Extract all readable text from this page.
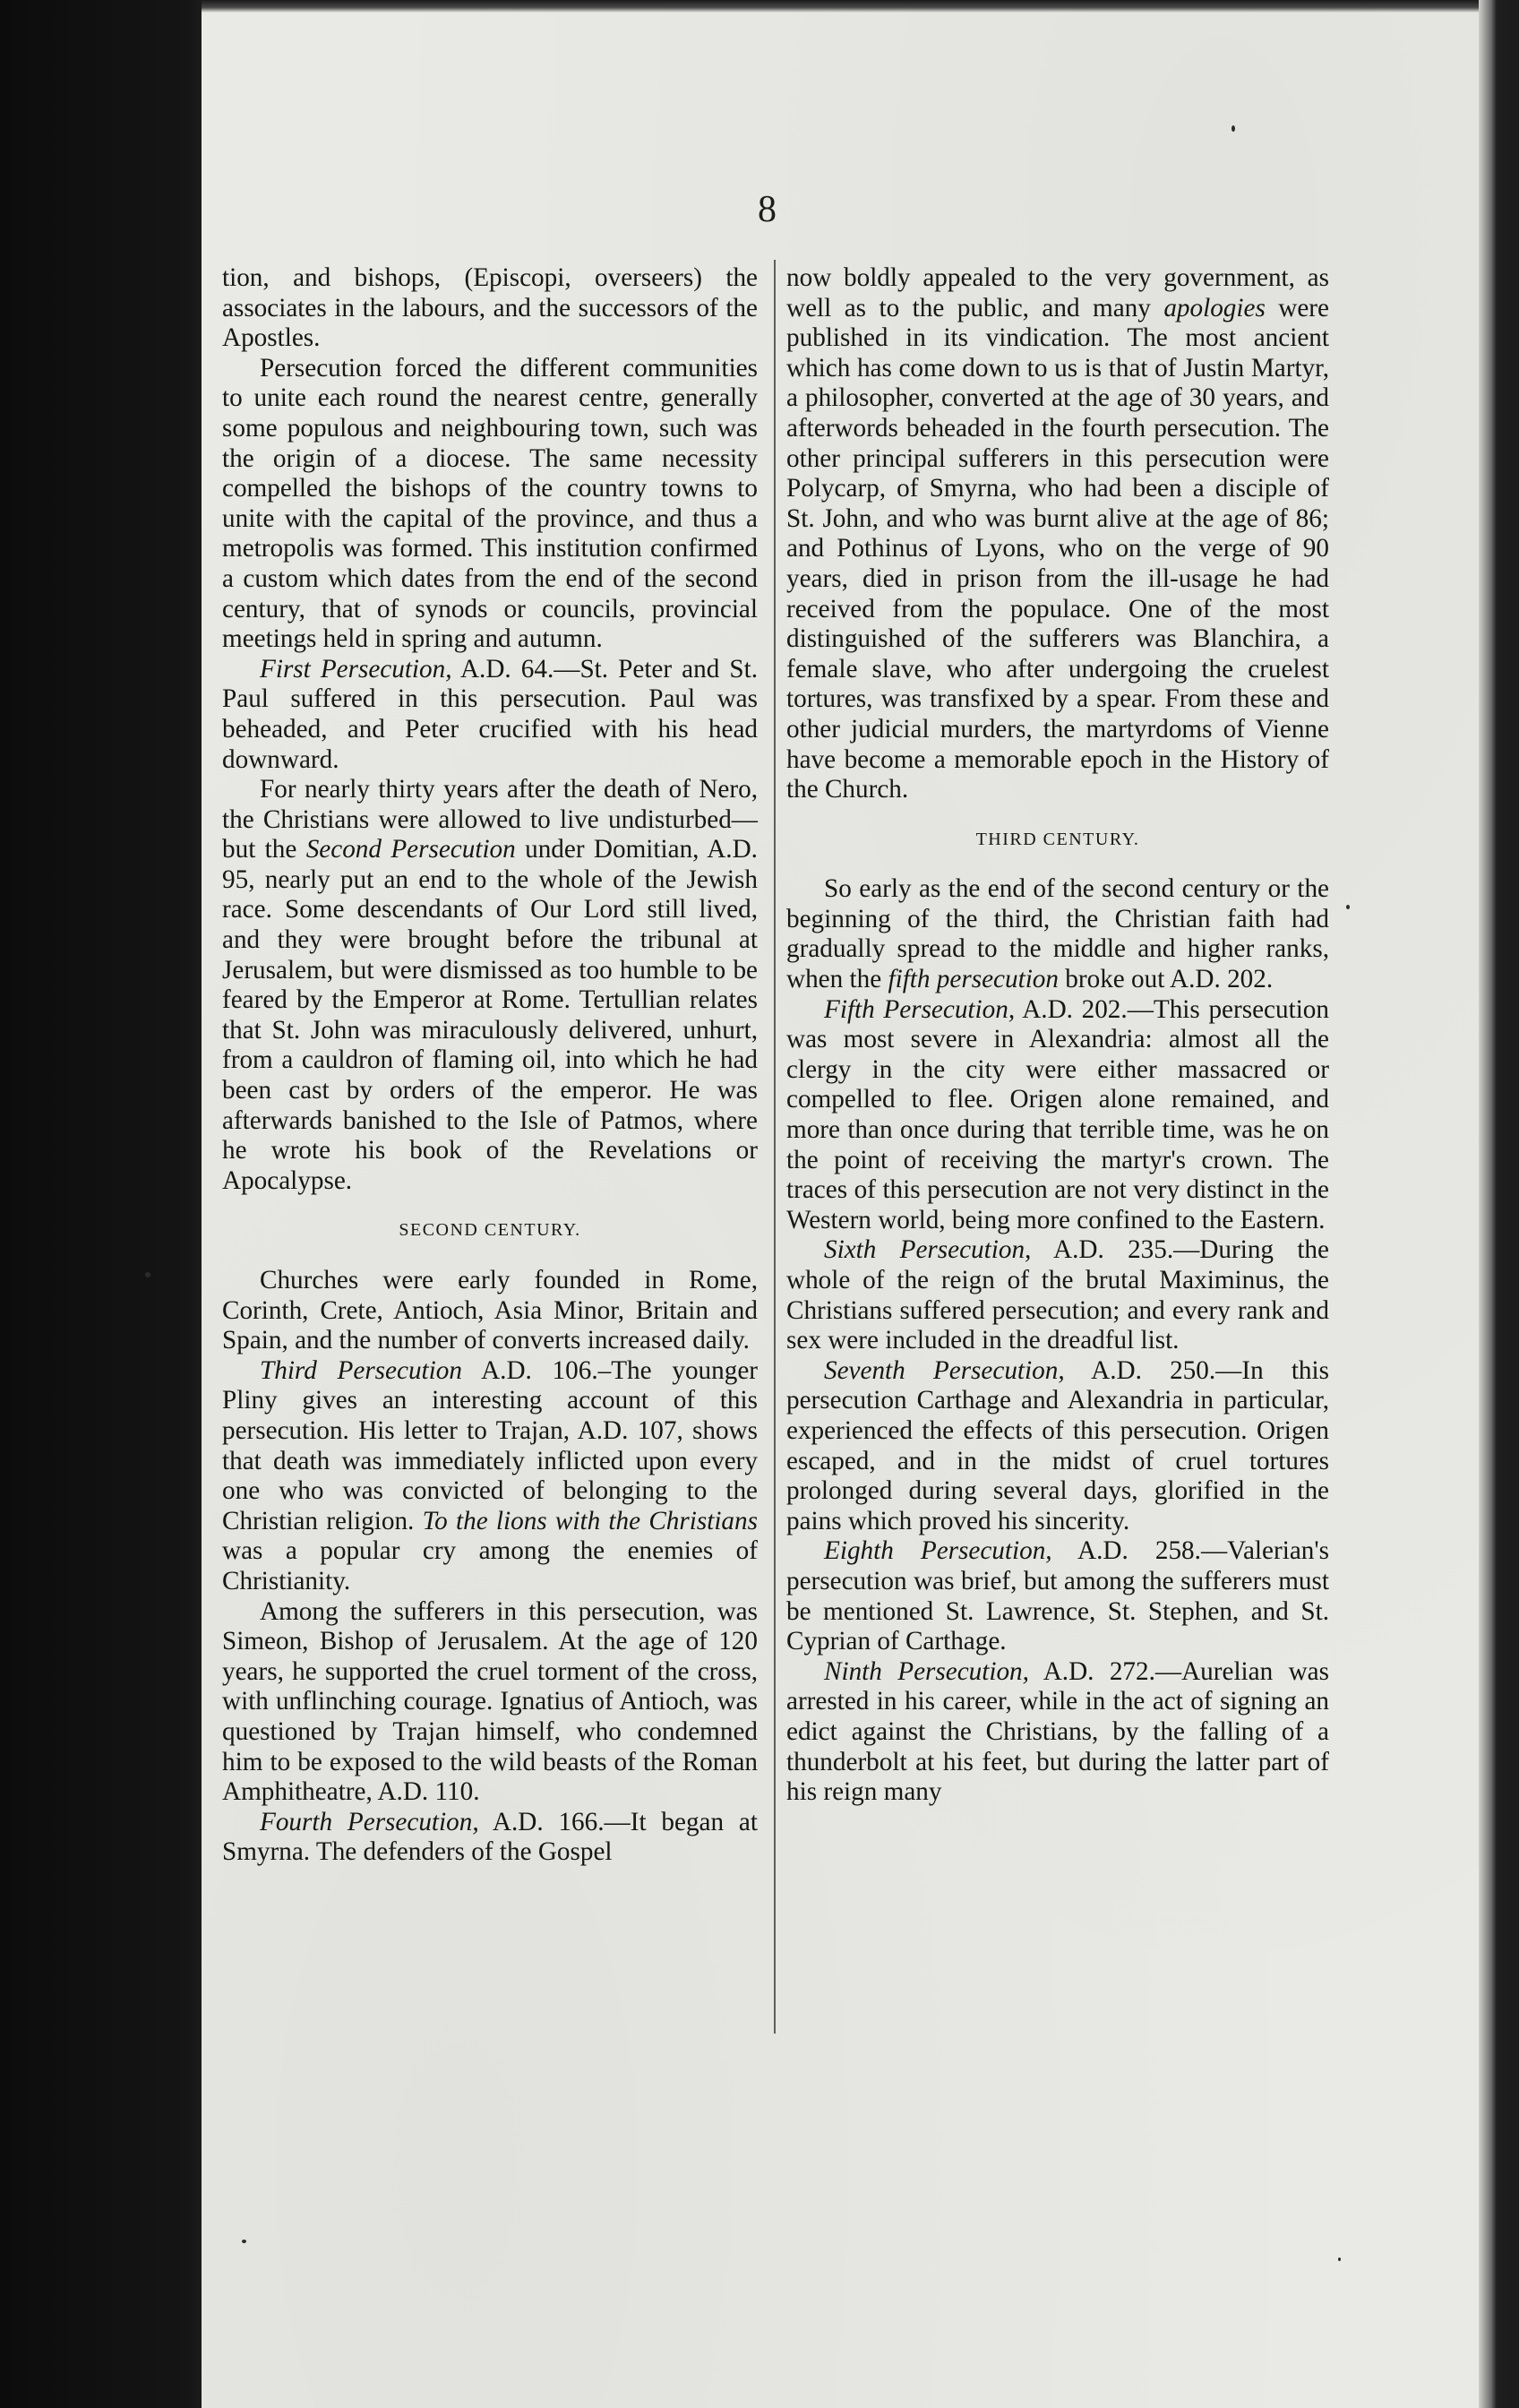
8

tion, and bishops, (Episcopi, overseers) the associates in the labours, and the successors of the Apostles.

Persecution forced the different communities to unite each round the nearest centre, generally some populous and neighbouring town, such was the origin of a diocese. The same necessity compelled the bishops of the country towns to unite with the capital of the province, and thus a metropolis was formed. This institution confirmed a custom which dates from the end of the second century, that of synods or councils, provincial meetings held in spring and autumn.

First Persecution, A.D. 64.—St. Peter and St. Paul suffered in this persecution. Paul was beheaded, and Peter crucified with his head downward.

For nearly thirty years after the death of Nero, the Christians were allowed to live undisturbed—but the Second Persecution under Domitian, A.D. 95, nearly put an end to the whole of the Jewish race. Some descendants of Our Lord still lived, and they were brought before the tribunal at Jerusalem, but were dismissed as too humble to be feared by the Emperor at Rome. Tertullian relates that St. John was miraculously delivered, unhurt, from a cauldron of flaming oil, into which he had been cast by orders of the emperor. He was afterwards banished to the Isle of Patmos, where he wrote his book of the Revelations or Apocalypse.

SECOND CENTURY.

Churches were early founded in Rome, Corinth, Crete, Antioch, Asia Minor, Britain and Spain, and the number of converts increased daily.

Third Persecution A.D. 106.–The younger Pliny gives an interesting account of this persecution. His letter to Trajan, A.D. 107, shows that death was immediately inflicted upon every one who was convicted of belonging to the Christian religion. To the lions with the Christians was a popular cry among the enemies of Christianity.

Among the sufferers in this persecution, was Simeon, Bishop of Jerusalem. At the age of 120 years, he supported the cruel torment of the cross, with unflinching courage. Ignatius of Antioch, was questioned by Trajan himself, who condemned him to be exposed to the wild beasts of the Roman Amphitheatre, A.D. 110.

Fourth Persecution, A.D. 166.—It began at Smyrna. The defenders of the Gospel

now boldly appealed to the very government, as well as to the public, and many apologies were published in its vindication. The most ancient which has come down to us is that of Justin Martyr, a philosopher, converted at the age of 30 years, and afterwords beheaded in the fourth persecution. The other principal sufferers in this persecution were Polycarp, of Smyrna, who had been a disciple of St. John, and who was burnt alive at the age of 86; and Pothinus of Lyons, who on the verge of 90 years, died in prison from the ill-usage he had received from the populace. One of the most distinguished of the sufferers was Blanchira, a female slave, who after undergoing the cruelest tortures, was transfixed by a spear. From these and other judicial murders, the martyrdoms of Vienne have become a memorable epoch in the History of the Church.

THIRD CENTURY.

So early as the end of the second century or the beginning of the third, the Christian faith had gradually spread to the middle and higher ranks, when the fifth persecution broke out A.D. 202.

Fifth Persecution, A.D. 202.—This persecution was most severe in Alexandria: almost all the clergy in the city were either massacred or compelled to flee. Origen alone remained, and more than once during that terrible time, was he on the point of receiving the martyr's crown. The traces of this persecution are not very distinct in the Western world, being more confined to the Eastern.

Sixth Persecution, A.D. 235.—During the whole of the reign of the brutal Maximinus, the Christians suffered persecution; and every rank and sex were included in the dreadful list.

Seventh Persecution, A.D. 250.—In this persecution Carthage and Alexandria in particular, experienced the effects of this persecution. Origen escaped, and in the midst of cruel tortures prolonged during several days, glorified in the pains which proved his sincerity.

Eighth Persecution, A.D. 258.—Valerian's persecution was brief, but among the sufferers must be mentioned St. Lawrence, St. Stephen, and St. Cyprian of Carthage.

Ninth Persecution, A.D. 272.—Aurelian was arrested in his career, while in the act of signing an edict against the Christians, by the falling of a thunderbolt at his feet, but during the latter part of his reign many
